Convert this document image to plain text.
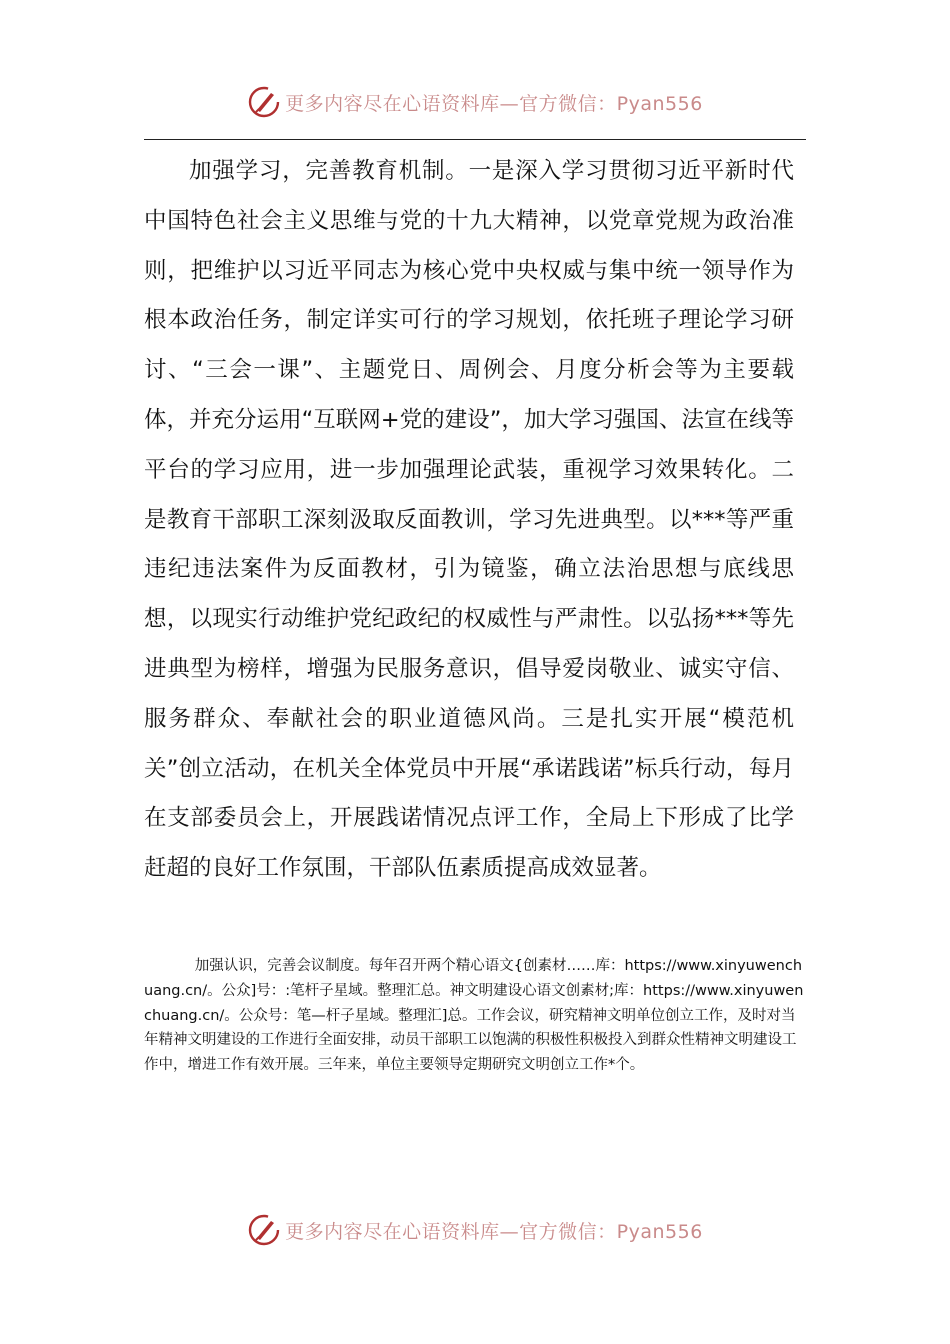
更多内容尽在心语资料库—官方微信：Pyan556

加强学习，完善教育机制。一是深入学习贯彻习近平新时代中国特色社会主义思维与党的十九大精神，以党章党规为政治准则，把维护以习近平同志为核心党中央权威与集中统一领导作为根本政治任务，制定详实可行的学习规划，依托班子理论学习研讨、“三会一课”、主题党日、周例会、月度分析会等为主要载体，并充分运用“互联网+党的建设”，加大学习强国、法宣在线等平台的学习应用，进一步加强理论武装，重视学习效果转化。二是教育干部职工深刻汲取反面教训，学习先进典型。以***等严重违纪违法案件为反面教材，引为镜鉴，确立法治思想与底线思想，以现实行动维护党纪政纪的权威性与严肃性。以弘扬***等先进典型为榜样，增强为民服务意识，倡导爱岗敬业、诚实守信、服务群众、奉献社会的职业道德风尚。三是扎实开展“模范机关”创立活动，在机关全体党员中开展“承诺践诺”标兵行动，每月在支部委员会上，开展践诺情况点评工作，全局上下形成了比学赶超的良好工作氛围，干部队伍素质提高成效显著。

加强认识，完善会议制度。每年召开两个精心语文{创素材……库：https://www.xinyuwenchuang.cn/。公众]号：:笔杆子星域。整理汇总。神文明建设心语文创素材;库：https://www.xinyuwenchuang.cn/。公众号：笔—杆子星域。整理汇]总。工作会议，研究精神文明单位创立工作，及时对当年精神文明建设的工作进行全面安排，动员干部职工以饱满的积极性积极投入到群众性精神文明建设工作中，增进工作有效开展。三年来，单位主要领导定期研究文明创立工作*个。

更多内容尽在心语资料库—官方微信：Pyan556
